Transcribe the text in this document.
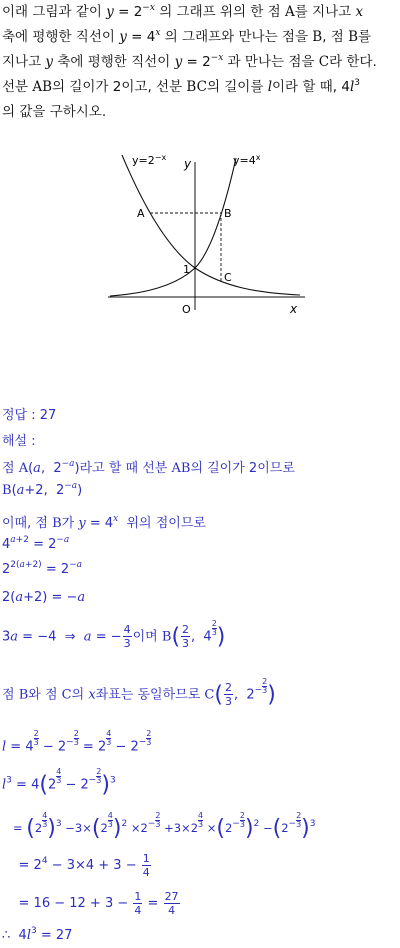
이래 그림과 같이 $y = 2^{-x}$ 의 그래프 위의 한 점 A를 지나고 x

축에 평행한 직선이 $y = 4^x$ 의 그래프와 만나는 점을 B, 점 B를

지나고 y 축에 평행한 직선이 $y = 2^{-x}$ 과 만나는 점을 C라 한다.

선분 AB의 길이가 2이고, 선분 BC의 길이를 l이라 할 때, $4l^3$

의 값을 구하시오.

$y=2^{-x}$ y	$y=4^x$
A	B
1
C
O	x
정답 : 27
해설 :
점 A(a,  $2^{-a}$)라고 할 때 선분 AB의 길이가 2이므로
B(a+2,  $2^{-a}$)
이때, 점 B가 $y = 4^x$  위의 점이므로
$4^{a+2} = 2^{-a}$
$2^{2(a+2)} = 2^{-a}$
2(a+2) = −a
3a = −4  ⇒  a = − $\frac{4}{3}$ 이며 $B( \frac{2}{3}$ ,  $4 \frac{2}{3}$ )
점 B와 점 C의 x좌표는 동일하므로 $C( \frac{2}{3}$ ,  $2^- \frac{2}{3}$ )
$l = 4 \frac{2}{3} - 2^- \frac{2}{3} = 2 \frac{4}{3} - 2^- \frac{2}{3}$
$l^3 = 4(2 \frac{4}{3} - 2^- \frac{2}{3} )^3$
= $(2 \frac{4}{3} )^3 -3\times(2 \frac{4}{3} )^2 \times 2^- \frac{2}{3} +3\times 2 \frac{4}{3} \times(2^- \frac{2}{3} )^2 -(2^- \frac{2}{3} )^3$
= $2^4 - 3\times 4 + 3 - \frac{1}{4}$
= $16 - 12 + 3 - \frac{1}{4} = \frac{27}{4}$
∴  $4l^3 = 27$
